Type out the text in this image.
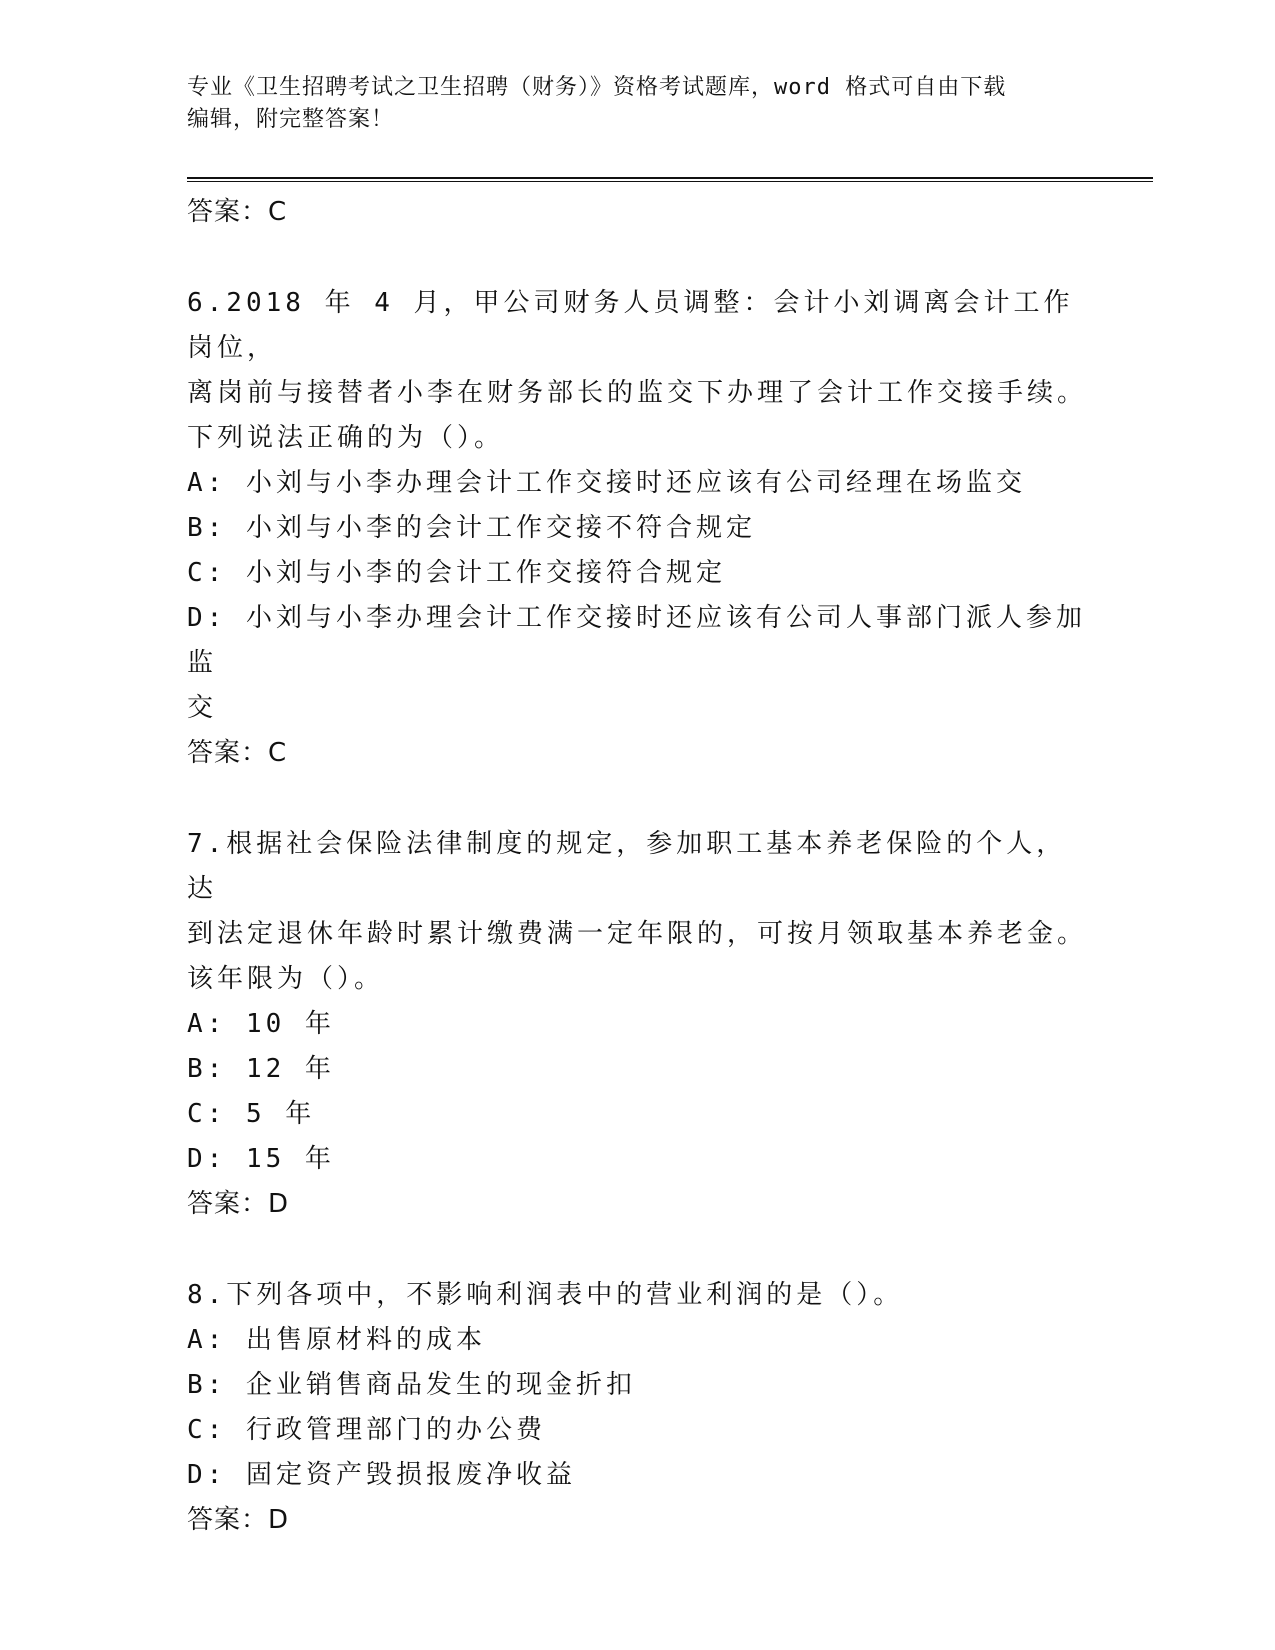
专业《卫生招聘考试之卫生招聘（财务）》资格考试题库，word 格式可自由下载
编辑，附完整答案！

答案：C

6.2018 年 4 月，甲公司财务人员调整：会计小刘调离会计工作岗位，

离岗前与接替者小李在财务部长的监交下办理了会计工作交接手续。

下列说法正确的为（）。

A: 小刘与小李办理会计工作交接时还应该有公司经理在场监交

B: 小刘与小李的会计工作交接不符合规定

C: 小刘与小李的会计工作交接符合规定

D: 小刘与小李办理会计工作交接时还应该有公司人事部门派人参加监

交

答案：C

7.根据社会保险法律制度的规定，参加职工基本养老保险的个人，达

到法定退休年龄时累计缴费满一定年限的，可按月领取基本养老金。

该年限为（）。

A: 10 年

B: 12 年

C: 5 年

D: 15 年

答案：D

8.下列各项中，不影响利润表中的营业利润的是（）。

A: 出售原材料的成本

B: 企业销售商品发生的现金折扣

C: 行政管理部门的办公费

D: 固定资产毁损报废净收益

答案：D
